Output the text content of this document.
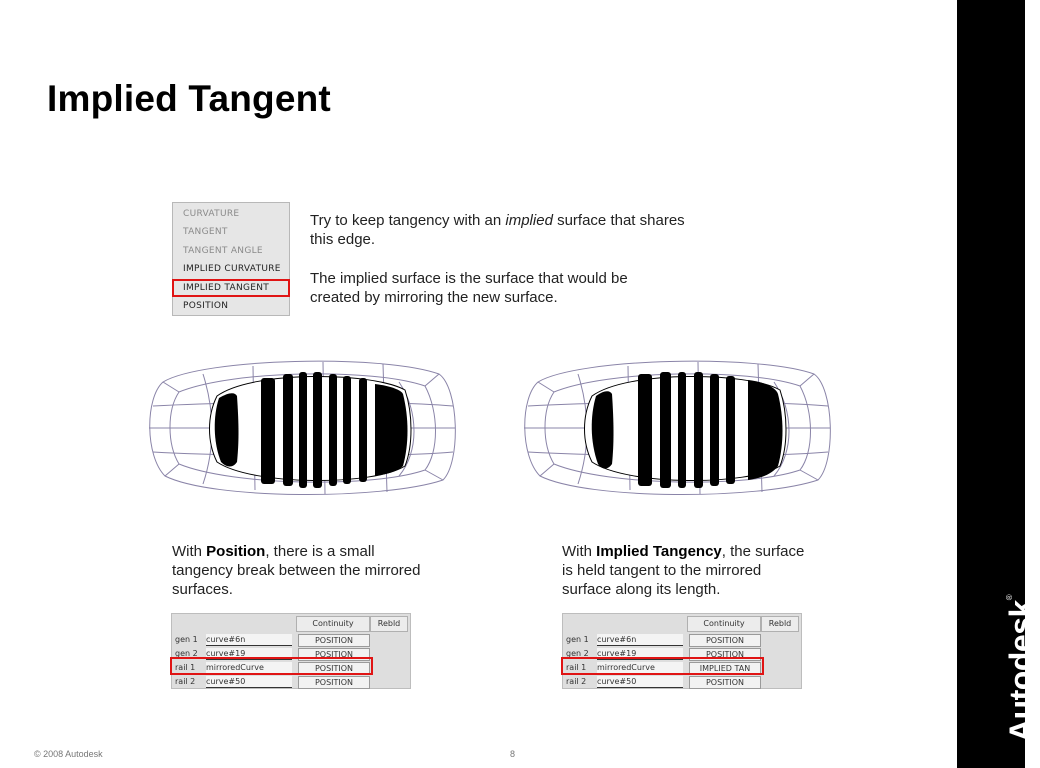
Implied Tangent
Autodesk®
CURVATURE
TANGENT
TANGENT ANGLE
IMPLIED CURVATURE
IMPLIED TANGENT
POSITION
Try to keep tangency with an implied surface that shares this edge.
The implied surface is the surface that would be created by mirroring the new surface.
With Position, there is a small tangency break between the mirrored surfaces.
With Implied Tangency, the surface is held tangent to the mirrored surface along its length.
Continuity	Rebld
gen 1 curve#6n	POSITION
gen 2 curve#19	POSITION
rail 1 mirroredCurve	POSITION
rail 2 curve#50	POSITION
Continuity	Rebld
gen 1 curve#6n	POSITION
gen 2 curve#19	POSITION
rail 1 mirroredCurve	IMPLIED TAN
rail 2 curve#50	POSITION
© 2008 Autodesk	8
